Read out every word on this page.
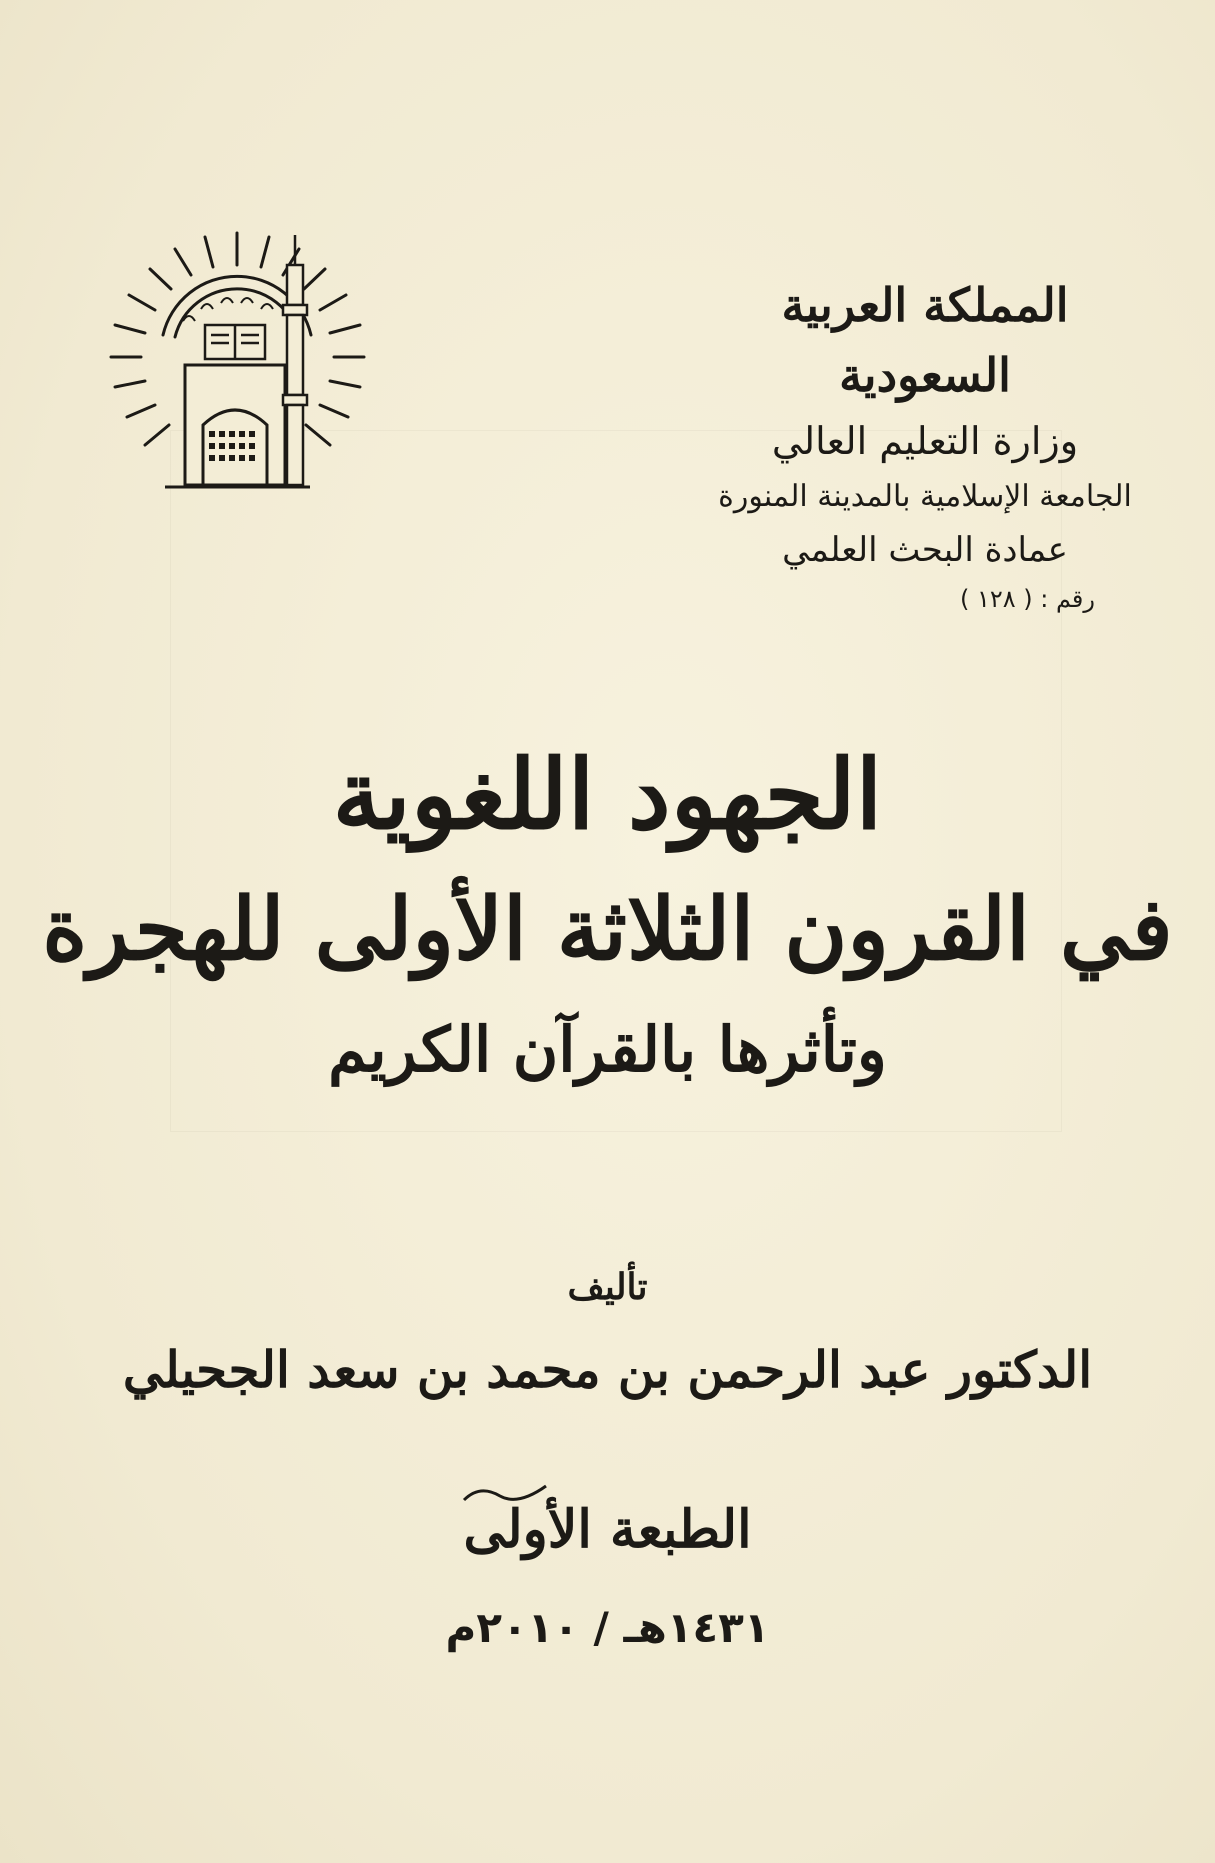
المملكة العربية السعودية
وزارة التعليم العالي
الجامعة الإسلامية بالمدينة المنورة
عمادة البحث العلمي
رقم : ( ١٢٨ )
الجهود اللغوية
في القرون الثلاثة الأولى للهجرة
وتأثرها بالقرآن الكريم
تأليف
الدكتور عبد الرحمن بن محمد بن سعد الجحيلي
الطبعة الأولى
١٤٣١هـ / ٢٠١٠م
